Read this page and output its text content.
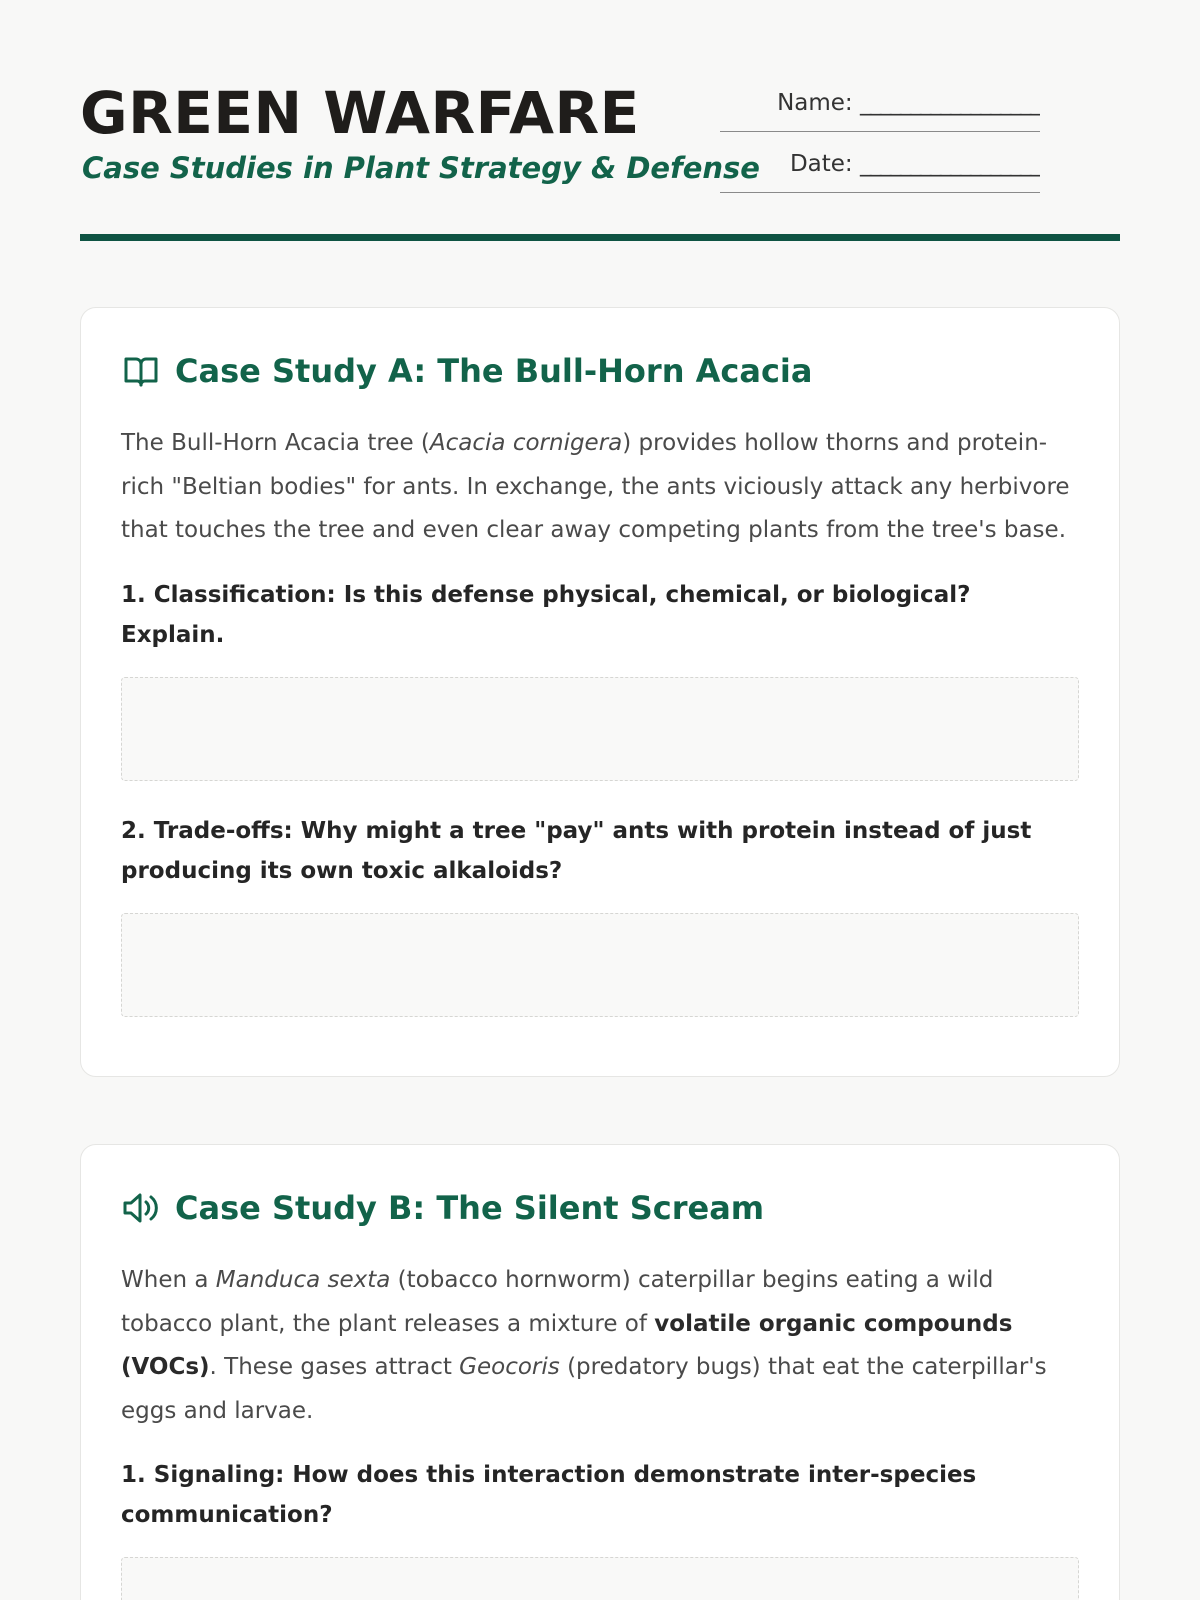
GREEN WARFARE
Case Studies in Plant Strategy & Defense
Name: __________________
Date: __________________
Case Study A: The Bull-Horn Acacia

The Bull-Horn Acacia tree (Acacia cornigera) provides hollow thorns and protein-rich "Beltian bodies" for ants. In exchange, the ants viciously attack any herbivore that touches the tree and even clear away competing plants from the tree's base.

1. Classification: Is this defense physical, chemical, or biological? Explain.

2. Trade-offs: Why might a tree "pay" ants with protein instead of just producing its own toxic alkaloids?

Case Study B: The Silent Scream

When a Manduca sexta (tobacco hornworm) caterpillar begins eating a wild tobacco plant, the plant releases a mixture of volatile organic compounds (VOCs). These gases attract Geocoris (predatory bugs) that eat the caterpillar's eggs and larvae.

1. Signaling: How does this interaction demonstrate inter-species communication?
